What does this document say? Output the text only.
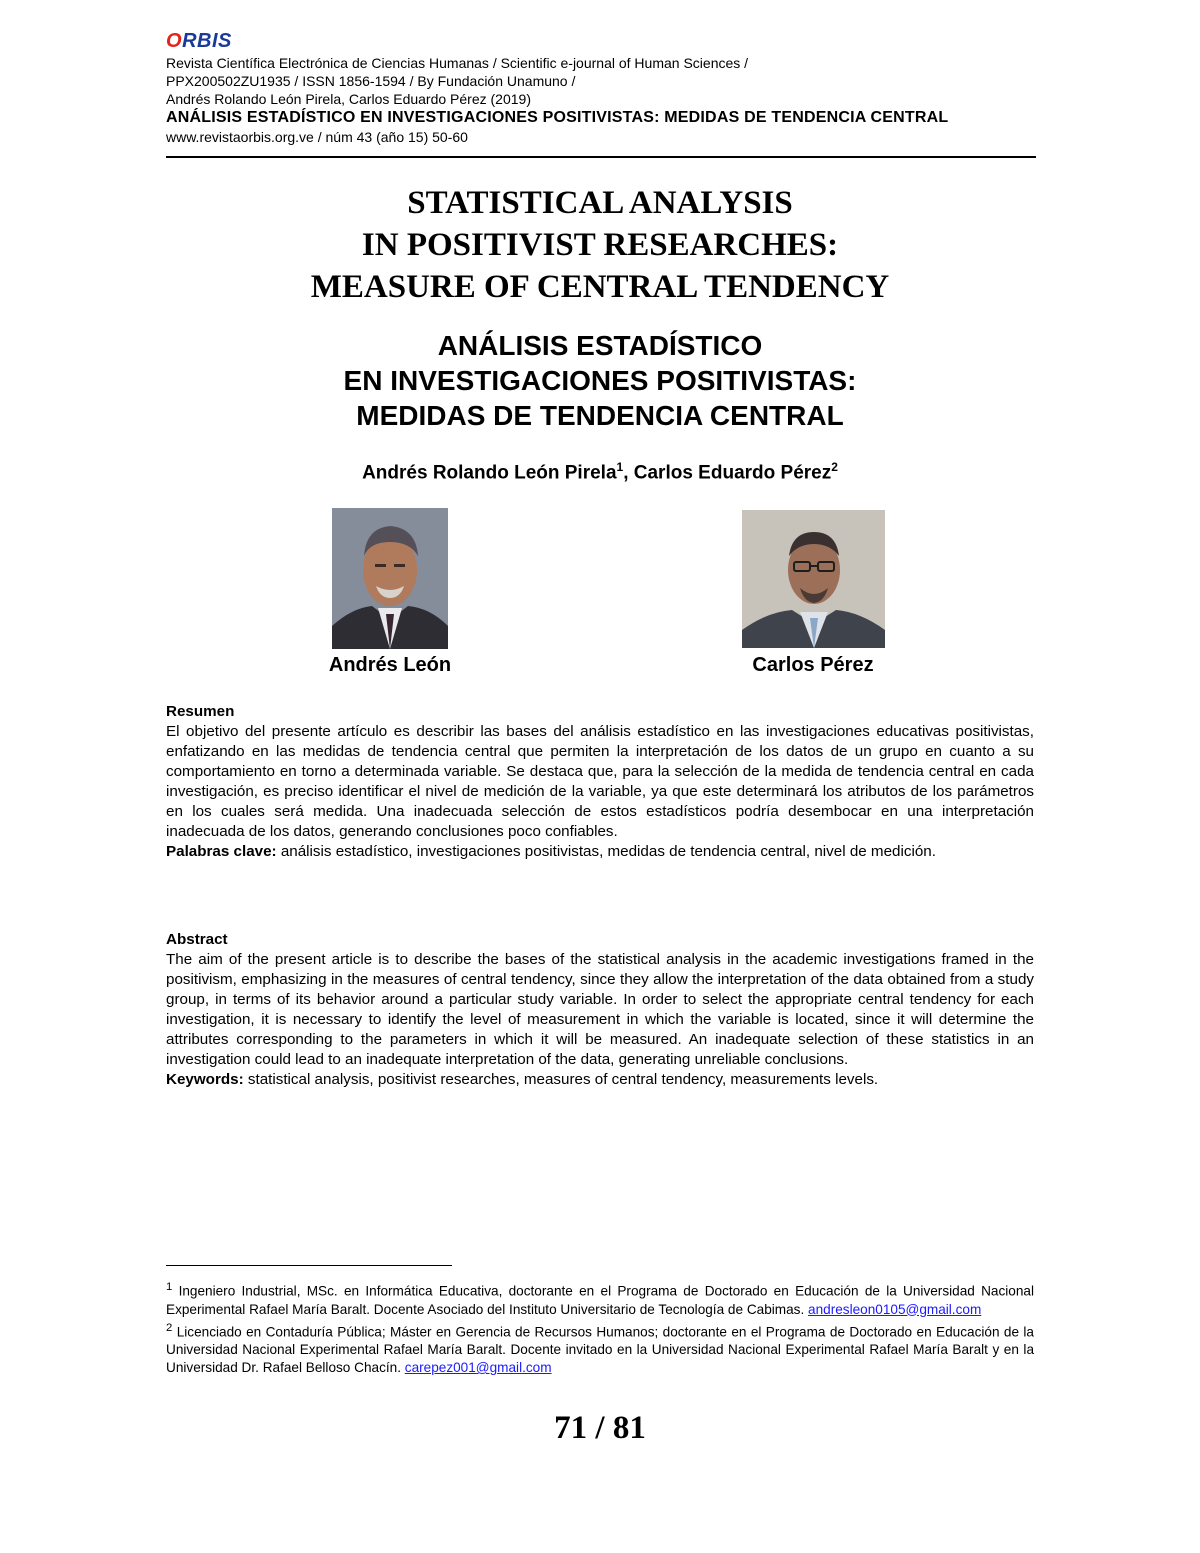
ORBIS
Revista Científica Electrónica de Ciencias Humanas / Scientific e-journal of Human Sciences /
PPX200502ZU1935 / ISSN 1856-1594 / By Fundación Unamuno /
Andrés Rolando León Pirela, Carlos Eduardo Pérez (2019)
ANÁLISIS ESTADÍSTICO EN INVESTIGACIONES POSITIVISTAS: MEDIDAS DE TENDENCIA CENTRAL
www.revistaorbis.org.ve / núm 43 (año 15) 50-60
STATISTICAL ANALYSIS
IN POSITIVIST RESEARCHES:
MEASURE OF CENTRAL TENDENCY
ANÁLISIS ESTADÍSTICO
EN INVESTIGACIONES POSITIVISTAS:
MEDIDAS DE TENDENCIA CENTRAL
Andrés Rolando León Pirela$^1$, Carlos Eduardo Pérez$^2$
Andrés León	Carlos Pérez
Resumen

El objetivo del presente artículo es describir las bases del análisis estadístico en las investigaciones educativas positivistas, enfatizando en las medidas de tendencia central que permiten la interpretación de los datos de un grupo en cuanto a su comportamiento en torno a determinada variable. Se destaca que, para la selección de la medida de tendencia central en cada investigación, es preciso identificar el nivel de medición de la variable, ya que este determinará los atributos de los parámetros en los cuales será medida. Una inadecuada selección de estos estadísticos podría desembocar en una interpretación inadecuada de los datos, generando conclusiones poco confiables.

Palabras clave: análisis estadístico, investigaciones positivistas, medidas de tendencia central, nivel de medición.

Abstract

The aim of the present article is to describe the bases of the statistical analysis in the academic investigations framed in the positivism, emphasizing in the measures of central tendency, since they allow the interpretation of the data obtained from a study group, in terms of its behavior around a particular study variable. In order to select the appropriate central tendency for each investigation, it is necessary to identify the level of measurement in which the variable is located, since it will determine the attributes corresponding to the parameters in which it will be measured. An inadequate selection of these statistics in an investigation could lead to an inadequate interpretation of the data, generating unreliable conclusions.

Keywords: statistical analysis, positivist researches, measures of central tendency, measurements levels.

$^1$ Ingeniero Industrial, MSc. en Informática Educativa, doctorante en el Programa de Doctorado en Educación de la Universidad Nacional Experimental Rafael María Baralt. Docente Asociado del Instituto Universitario de Tecnología de Cabimas. andresleon0105@gmail.com

$^2$ Licenciado en Contaduría Pública; Máster en Gerencia de Recursos Humanos; doctorante en el Programa de Doctorado en Educación de la Universidad Nacional Experimental Rafael María Baralt. Docente invitado en la Universidad Nacional Experimental Rafael María Baralt y en la Universidad Dr. Rafael Belloso Chacín. carepez001@gmail.com

71 / 81
